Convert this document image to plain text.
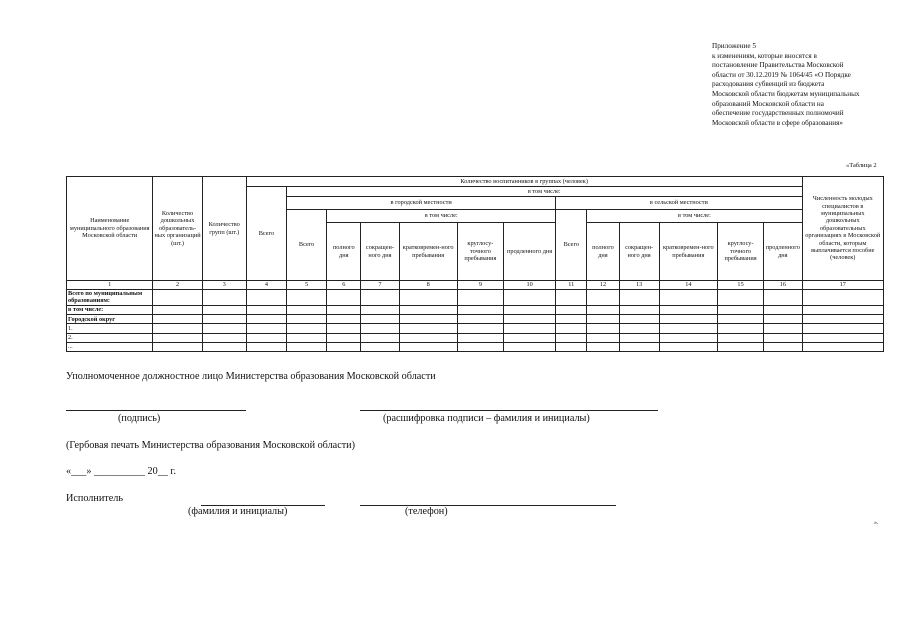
Приложение 5
к изменениям, которые вносятся в
постановление Правительства Московской
области от 30.12.2019 № 1064/45 «О Порядке
расходования субвенций из бюджета
Московской области бюджетам муниципальных
образований Московской области на
обеспечение государственных полномочий
Московской области в сфере образования»
«Таблица 2
Наименование муниципального образования Московской области	Количество дошкольных образователь-ных организаций (шт.)	Количество групп (шт.)	Количество воспитанников в группах (человек)													Численность молодых специалистов в муниципальных дошкольных образовательных организациях в Московской области, которым выплачивается пособие (человек)
			Всего	в том числе:												
				в городской местности						в сельской местности						
				Всего	в том числе:					Всего	в том числе:					
					полного дня	сокращен-ного дня	кратковремен-ного пребывания	круглосу-точного пребывания	продленного дня		полного дня	сокращен-ного дня	кратковремен-ного пребывания	круглосу-точного пребывания	продленного дня	
1	2	3	4	5	6	7	8	9	10	11	12	13	14	15	16	17
Всего по муниципальным образованиям:																
в том числе:																
Городской округ																
1.																
2.																
...																
Уполномоченное должностное лицо Министерства образования Московской области
(подпись)	(расшифровка подписи – фамилия и инициалы)
(Гербовая печать Министерства образования Московской области)
«___» __________ 20__ г.
Исполнитель
(фамилия и инициалы)	(телефон)
».
